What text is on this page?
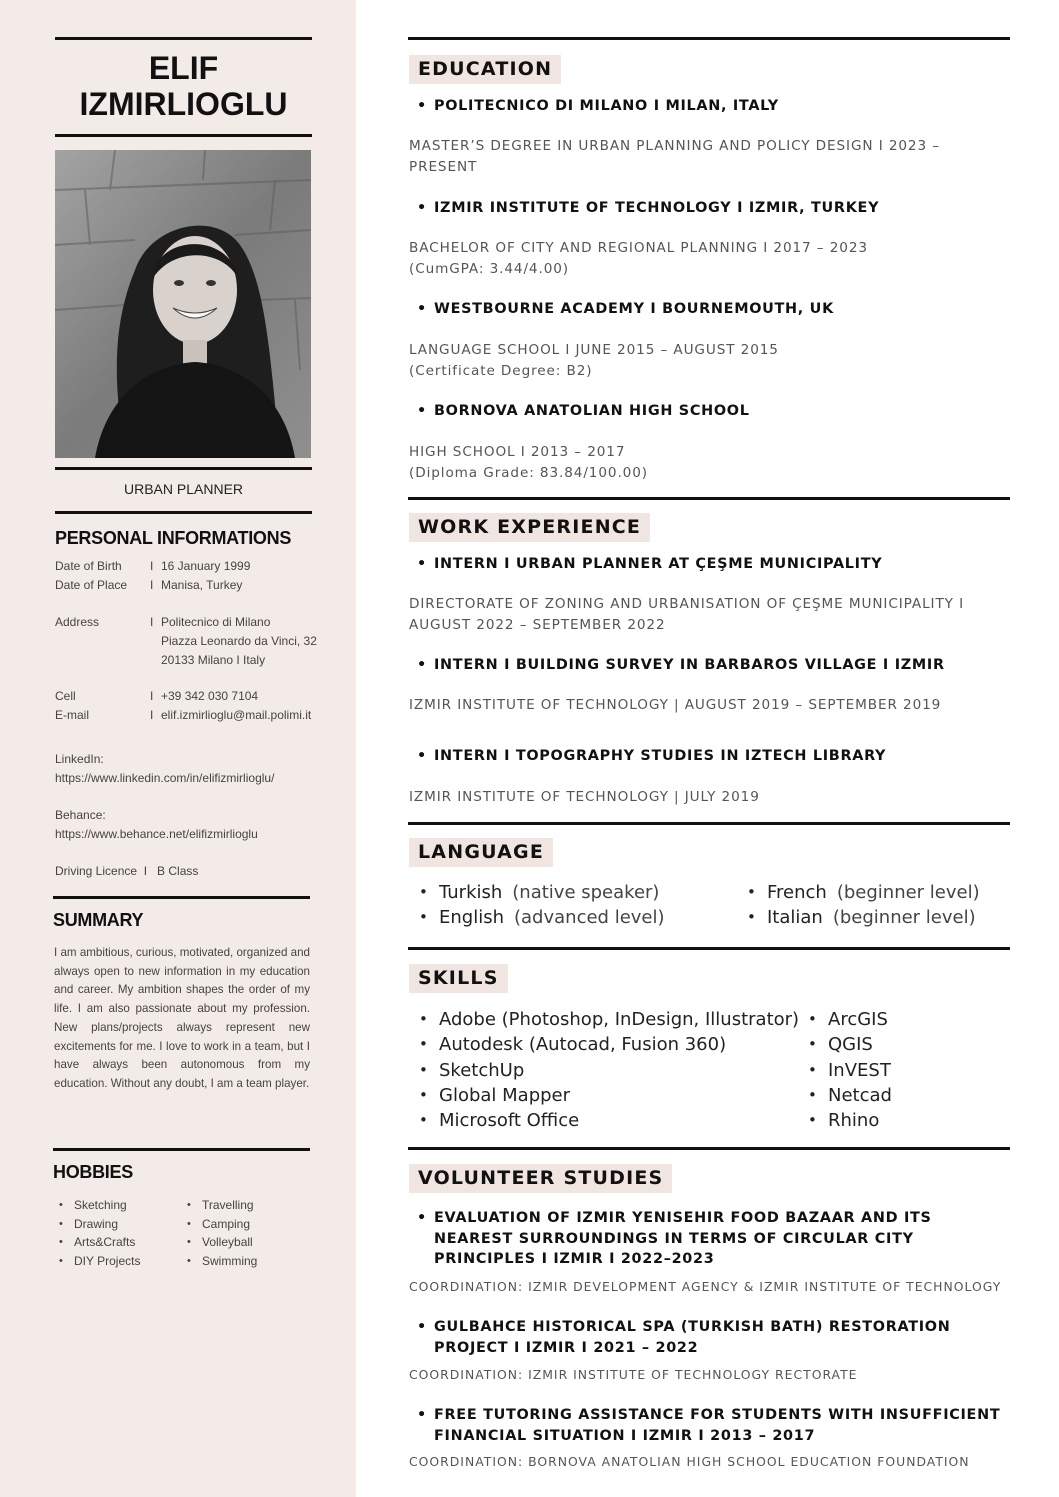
ELIF
IZMIRLIOGLU
URBAN PLANNER
PERSONAL INFORMATIONS
Date of Birth	I 16 January 1999
Date of Place	I Manisa, Turkey
Address	I Politecnico di Milano
Piazza Leonardo da Vinci, 32
20133 Milano I Italy
Cell	I +39 342 030 7104
E-mail	I elif.izmirlioglu@mail.polimi.it
LinkedIn:
https://www.linkedin.com/in/elifizmirlioglu/
Behance:
https://www.behance.net/elifizmirlioglu
Driving Licence  I   B Class
SUMMARY
I am ambitious, curious, motivated, organized and always open to new information in my education and career. My ambition shapes the order of my life. I am also passionate about my profession. New plans/projects always represent new excitements for me. I love to work in a team, but I have always been autonomous from my education. Without any doubt, I am a team player.
HOBBIES
• Sketching
• Drawing
• Arts&Crafts
• DIY Projects
• Travelling
• Camping
• Volleyball
• Swimming
EDUCATION
• POLITECNICO DI MILANO I MILAN, ITALY
MASTER’S DEGREE IN URBAN PLANNING AND POLICY DESIGN I 2023 – PRESENT
• IZMIR INSTITUTE OF TECHNOLOGY I IZMIR, TURKEY
BACHELOR OF CITY AND REGIONAL PLANNING I 2017 – 2023
(CumGPA: 3.44/4.00)
• WESTBOURNE ACADEMY I BOURNEMOUTH, UK
LANGUAGE SCHOOL I JUNE 2015 – AUGUST 2015
(Certificate Degree: B2)
• BORNOVA ANATOLIAN HIGH SCHOOL
HIGH SCHOOL I 2013 – 2017
(Diploma Grade: 83.84/100.00)
WORK EXPERIENCE
• INTERN I URBAN PLANNER AT ÇEŞME MUNICIPALITY
DIRECTORATE OF ZONING AND URBANISATION OF ÇEŞME MUNICIPALITY I AUGUST 2022 – SEPTEMBER 2022
• INTERN I BUILDING SURVEY IN BARBAROS VILLAGE I IZMIR
IZMIR INSTITUTE OF TECHNOLOGY | AUGUST 2019 – SEPTEMBER 2019
• INTERN I TOPOGRAPHY STUDIES IN IZTECH LIBRARY
IZMIR INSTITUTE OF TECHNOLOGY | JULY 2019
LANGUAGE
• Turkish (native speaker)
• English (advanced level)
• French (beginner level)
• Italian (beginner level)
SKILLS
• Adobe (Photoshop, InDesign, Illustrator)
• Autodesk (Autocad, Fusion 360)
• SketchUp
• Global Mapper
• Microsoft Office
• ArcGIS
• QGIS
• InVEST
• Netcad
• Rhino
VOLUNTEER STUDIES
• EVALUATION OF IZMIR YENISEHIR FOOD BAZAAR AND ITS NEAREST SURROUNDINGS IN TERMS OF CIRCULAR CITY PRINCIPLES I IZMIR I 2022–2023
COORDINATION: IZMIR DEVELOPMENT AGENCY & IZMIR INSTITUTE OF TECHNOLOGY
• GULBAHCE HISTORICAL SPA (TURKISH BATH) RESTORATION PROJECT I IZMIR I 2021 – 2022
COORDINATION: IZMIR INSTITUTE OF TECHNOLOGY RECTORATE
• FREE TUTORING ASSISTANCE FOR STUDENTS WITH INSUFFICIENT FINANCIAL SITUATION I IZMIR I 2013 – 2017
COORDINATION: BORNOVA ANATOLIAN HIGH SCHOOL EDUCATION FOUNDATION
